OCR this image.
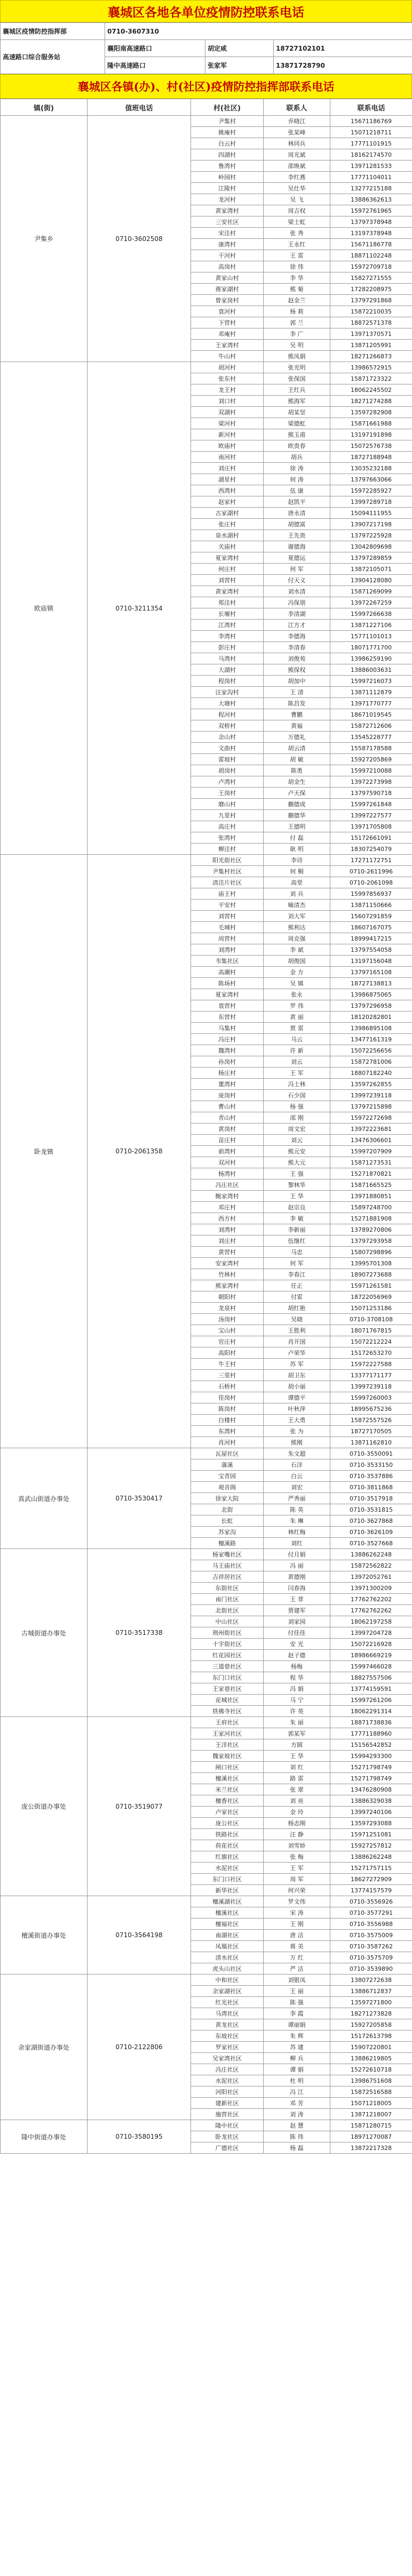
襄城区各地各单位疫情防控联系电话
襄城区疫情防控指挥部	0710-3607310		
高速路口综合服务站	襄阳南高速路口	胡定咸	18727102101
	隆中高速路口	张家军	13871728790
襄城区各镇(办)、村(社区)疫情防控指挥部联系电话
镇(街)	值班电话	村(社区)	联系人	联系电话
尹集乡	0710-3602508	尹集村	乔晓江	15671186769
		姚庵村	张某峰	15071218711
		白云村	林同兵	17771101915
		四湖村	周光斌	18162174570
		鲁湾村	邵焕斌	13971281533
		岭园村	李红燕	17771104011
		江陵村	吴仕华	13277215188
		龙河村	吴 飞	13886362613
		黄家湾村	周吉权	15972761965
		三安社区	梁士虹	13797378948
		宋洼村	张 秀	13197378948
		康湾村	王永红	15671186778
		干河村	王 雷	18871102248
		高岗村	徐 伟	15972709718
		黄家山村	李 华	15827271555
		蒋家湖村	熊 菊	17282208975
		曾家岗村	赵金兰	13797291868
		袁河村	杨 莉	15872210035
		下营村	郭 兰	18872571378
		邓庵村	李 广	13971370571
		王家湾村	吴 明	13871205991
		牛山村	熊凤娟	18271266873
欧庙镇	0710-3211354	胡河村	张光明	13986572915
		张东村	张保国	15871723322
		龙王村	王红兵	18062245502
		刘口村	熊海军	18271274288
		双湖村	胡某坚	13597282908
		梁河村	梁德虹	15871661988
		新河村	熊玉甫	13197191898
		欧庙村	欧贵春	15072576738
		南河村	胡兵	18727188948
		刘庄村	徐 涛	13035232188
		湖星村	何 涛	13797663066
		西湾村	伍 康	15972285927
		赵家村	赵凯平	13997289718
		古家湖村	唐永清	15094111955
		张庄村	胡德富	13907217198
		泉水湖村	王先贵	13797225928
		关庙村	谢德海	13042809698
		夏家湾村	夏德运	13797289859
		何庄村	何 军	13872105071
		刘营村	付天义	13904128080
		黄家湾村	刘水清	15871269099
		郑洼村	冯保朋	13972267259
		长堰村	李清湖	15997266638
		江湾村	江方才	13871227106
		李湾村	李德海	15771101013
		彭庄村	李清春	18071771700
		马湾村	刘俊苑	13986259190
		大湖村	熊保权	13886003631
		程岗村	胡加中	15997216073
		汪家沟村	王 清	13871112879
		大塘村	陈昌发	13971770777
		程河村	曹鹏	18671019545
		双桥村	黄福	15872712606
		余山村	万德礼	13545228777
		文曲村	胡云清	15587178588
		雷坡村	胡 敏	15927205869
		胡岗村	陈勇	15997210088
		卢湾村	胡金生	13972273998
		王岗村	卢天保	13797590718
		磨山村	蒯德成	15997261848
		九里村	蒯德华	13997227577
		高庄村	王德明	13971705808
		张湾村	付 磊	15172661091
		柳洼村	耿 明	18307254079
卧龙镇	0710-2061358	阳光街社区	李诗	17271172751
		尹集村社区	何 桐	0710-2611996
		清洼片社区	高堂	0710-2061098
		庙王村	刘 兵	15997856937
		平安村	喻清杰	13871150666
		刘营村	刘大军	15607291859
		毛城村	熊利达	18607167075
		周营村	周克强	18999417215
		刘湾村	李 斌	13797554058
		韦集社区	胡俊国	13197156048
		高潮村	金 方	13797165108
		陈场村	吴 镇	18727138813
		夏家湾村	张永	13986875065
		袁营村	罗 伟	13797296958
		东营村	黄 丽	18120282801
		马集村	贾 雷	13986895108
		冯庄村	马云	13477161319
		魏湾村	许 新	15072256656
		孙岗村	刘云	15872781006
		杨庄村	王 军	18807182240
		董湾村	冯士林	13597262855
		庞岗村	石少国	13997239118
		曹山村	杨 强	13797215898
		青山村	邵 刚	15972272698
		黄岗村	周文宏	13972223681
		苗庄村	刘云	13476306601
		前湾村	熊元安	15997207909
		双河村	熊大元	15871273531
		杨湾村	王 强	15271870821
		冯庄社区	黎林华	15871665525
		鲍家湾村	王 华	13971880851
		邓庄村	赵宗良	15897248700
		西方村	李 敏	15271881908
		刘湾村	李新丽	13789270806
		刘庄村	伍继红	13797293958
		黄营村	马忠	15807298896
		安家湾村	何 军	13995701308
		竹林村	李春江	18907273688
		熊家湾村	任正	15971261581
		朝阳村	付雷	18722056969
		龙泉村	胡红艳	15071253186
		汤岗村	吴晓	0710-3708108
		宝山村	王胜利	18071767815
		官庄村	肖开国	15072212224
		高阳村	卢荣华	15172653270
		牛王村	苏 军	15972227588
		三里村	胡卫东	13377171177
		石桥村	胡小丽	13997239118
		佳岗村	谭德平	15997260003
		陈岗村	叶秋萍	18995675236
		白楼村	王大勇	15872557526
		东湾村	张 为	18727170505
		肖河村	熊刚	13871162810
真武山街道办事处	0710-3530417	瓦屋社区	朱文超	0710-3550091
		蒲溪	石洋	0710-3533150
		宝青园	白云	0710-3537886
		观音阁	刘宏	0710-3811868
		徐家大院	严秀丽	0710-3517918
		北街	陈 英	0710-3531815
		长虹	朱 琳	0710-3627868
		苏家沟	林红梅	0710-3626109
		檀溪路	刘红	0710-3527668
古城街道办事处	0710-3517338	杨家嘴社区	付月娟	13886262248
		马王庙社区	冯 丽	15872562822
		吉祥居社区	黄德刚	13972052761
		东街社区	闫春海	13971300209
		南门社区	王 菲	17762762202
		北街社区	贾建军	17762762262
		中山社区	刘家园	18062197258
		荆州街社区	付佳佳	13997204728
		十字街社区	安 光	15072216928
		红花园社区	赵子德	18986669219
		三道巷社区	杨梅	15997466028
		东门口社区	程 华	18827557506
		王家巷社区	冯 娟	13774159591
		花城社区	马 宁	15997261206
		铁佛寺社区	许 英	18062291314
庞公街道办事处	0710-3519077	王府社区	朱 丽	18871738836
		王家河社区	郭某军	17771188960
		王洋社区	方圆	15156542852
		魏家坡社区	王 华	15994293300
		闸口社区	刘 红	15271798749
		檀溪社区	路 雷	15271798749
		米兰社区	张 翠	13476280908
		檀香社区	刘 亮	13886329038
		卢家社区	金 玲	13997240106
		庞公社区	杨志刚	13597293088
		铁路社区	汪 静	15971251081
		荷花社区	刘雪娇	15927257812
		红旗社区	张 梅	13886262248
		水泥社区	王 军	15271757115
		东门口社区	周 军	18627272909
		新华社区	何兴荣	13774157579
檀溪街道办事处	0710-3564198	檀溪湖社区	罗文伟	0710-3556926
		檀溪社区	宋 涛	0710-3577291
		檀福社区	王 刚	0710-3556988
		南湖社区	唐 洁	0710-3575009
		凤凰社区	蒋 美	0710-3587262
		清水社区	万 红	0710-3575709
		虎头山社区	严 洁	0710-3539890
余家湖街道办事处	0710-2122806	中和社区	刘银凤	13807272638
		余家湖社区	王 丽	13886712837
		红光社区	陈 强	13597271800
		马湾社区	李 霞	18271273828
		黄龙社区	谭丽娟	15927205858
		东坡社区	朱 辉	15172613798
		罗家社区	苏 建	15907220801
		吴家湾社区	柳 兵	13886219805
		冯庄社区	谭 娟	15272610718
		水泥社区	杜 明	13986751608
		河阳社区	冯 江	15872516588
		建新社区	邓 芳	15071218005
		施营社区	刘 涛	13871218007
隆中街道办事处	0710-3580195	隆中社区	赵 慧	15871280715
		卧龙社区	陈 伟	18971270087
		广德社区	杨 磊	13872217328
